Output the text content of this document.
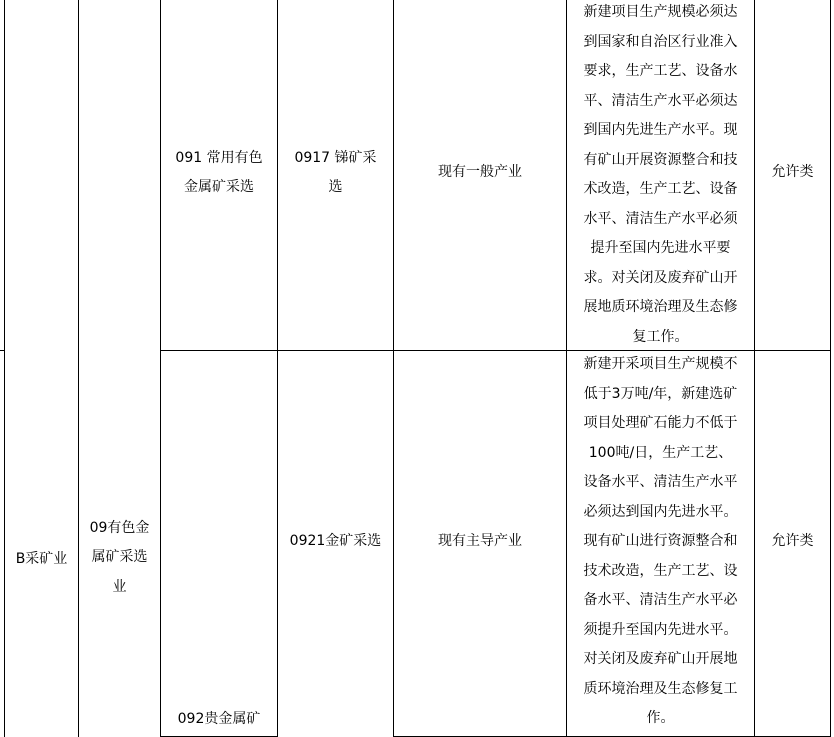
B采矿业
09有色金
属矿采选
业
091 常用有色
金属矿采选
092贵金属矿
0917 锑矿采
选
0921金矿采选
现有一般产业
现有主导产业
新建项目生产规模必须达
到国家和自治区行业准入
要求，生产工艺、设备水
平、清洁生产水平必须达
到国内先进生产水平。现
有矿山开展资源整合和技
术改造，生产工艺、设备
水平、清洁生产水平必须
提升至国内先进水平要
求。对关闭及废弃矿山开
展地质环境治理及生态修
复工作。
新建开采项目生产规模不
低于3万吨/年，新建选矿
项目处理矿石能力不低于
100吨/日，生产工艺、
设备水平、清洁生产水平
必须达到国内先进水平。
现有矿山进行资源整合和
技术改造，生产工艺、设
备水平、清洁生产水平必
须提升至国内先进水平。
对关闭及废弃矿山开展地
质环境治理及生态修复工
作。
允许类
允许类
